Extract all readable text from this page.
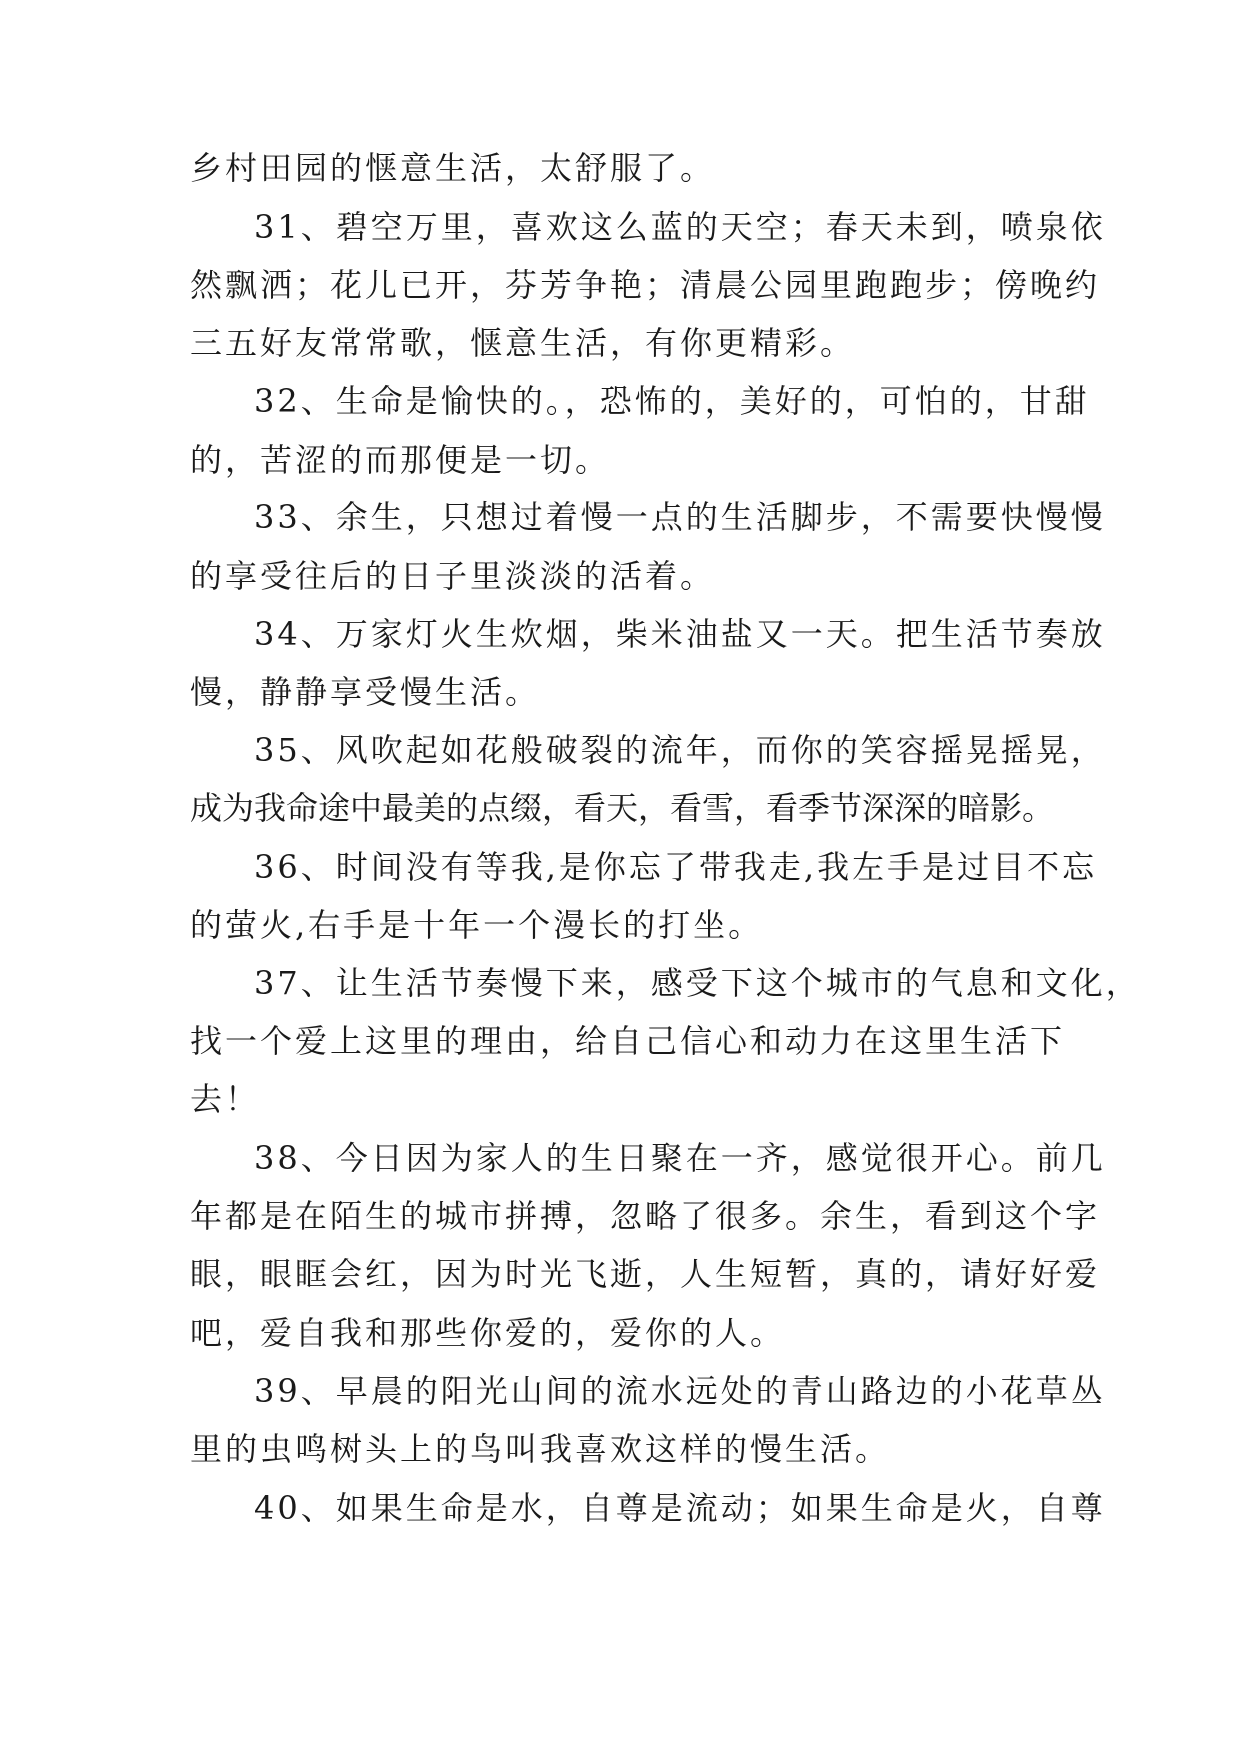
乡村田园的惬意生活，太舒服了。
31、碧空万里，喜欢这么蓝的天空；春天未到，喷泉依
然飘洒；花儿已开，芬芳争艳；清晨公园里跑跑步；傍晚约
三五好友常常歌，惬意生活，有你更精彩。
32、生命是愉快的。，恐怖的，美好的，可怕的，甘甜
的，苦涩的而那便是一切。
33、余生，只想过着慢一点的生活脚步，不需要快慢慢
的享受往后的日子里淡淡的活着。
34、万家灯火生炊烟，柴米油盐又一天。把生活节奏放
慢，静静享受慢生活。
35、风吹起如花般破裂的流年，而你的笑容摇晃摇晃，
成为我命途中最美的点缀，看天，看雪，看季节深深的暗影。
36、时间没有等我,是你忘了带我走,我左手是过目不忘
的萤火,右手是十年一个漫长的打坐。
37、让生活节奏慢下来，感受下这个城市的气息和文化，
找一个爱上这里的理由，给自己信心和动力在这里生活下
去！
38、今日因为家人的生日聚在一齐，感觉很开心。前几
年都是在陌生的城市拼搏，忽略了很多。余生，看到这个字
眼，眼眶会红，因为时光飞逝，人生短暂，真的，请好好爱
吧，爱自我和那些你爱的，爱你的人。
39、早晨的阳光山间的流水远处的青山路边的小花草丛
里的虫鸣树头上的鸟叫我喜欢这样的慢生活。
40、如果生命是水，自尊是流动；如果生命是火，自尊
